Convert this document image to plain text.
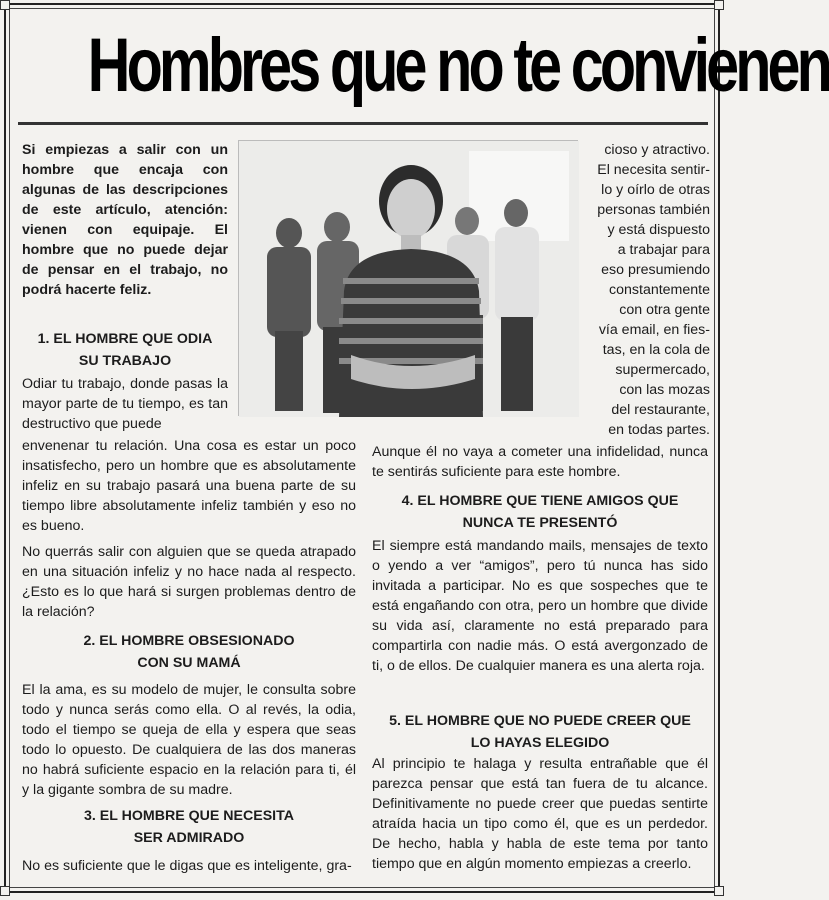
Hombres que no te convienen
Si empiezas a salir con un hombre que encaja con algunas de las descripciones de este artículo, atención: vienen con equipaje. El hombre que no puede dejar de pensar en el trabajo, no podrá hacerte feliz.
1. EL HOMBRE QUE ODIA
SU TRABAJO
Odiar tu trabajo, donde pasas la mayor parte de tu tiempo, es tan destructivo que puede

envenenar tu relación. Una cosa es estar un poco insatisfecho, pero un hombre que es absolutamente infeliz en su trabajo pasará una buena parte de su tiempo libre absolutamente infeliz también y eso no es bueno.

No querrás salir con alguien que se queda atrapado en una situación infeliz y no hace nada al respecto. ¿Esto es lo que hará si surgen problemas dentro de la relación?

2. EL HOMBRE OBSESIONADO
CON SU MAMÁ
El la ama, es su modelo de mujer, le consulta sobre todo y nunca serás como ella. O al revés, la odia, todo el tiempo se queja de ella y espera que seas todo lo opuesto. De cualquiera de las dos maneras no habrá suficiente espacio en la relación para ti, él y la gigante sombra de su madre.
3. EL HOMBRE QUE NECESITA
SER ADMIRADO
No es suficiente que le digas que es inteligente, gra-
cioso y atractivo.
El necesita sentir-
lo y oírlo de otras
personas también
y está dispuesto
a trabajar para
eso presumiendo
constantemente
con otra gente
vía email, en fies-
tas, en la cola de
supermercado,
con las mozas
del restaurante,
en todas partes.
Aunque él no vaya a cometer una infidelidad, nunca te sentirás suficiente para este hombre.
4. EL HOMBRE QUE TIENE AMIGOS QUE
NUNCA TE PRESENTÓ
El siempre está mandando mails, mensajes de texto o yendo a ver “amigos”, pero tú nunca has sido invitada a participar. No es que sospeches que te está engañando con otra, pero un hombre que divide su vida así, claramente no está preparado para compartirla con nadie más. O está avergonzado de ti, o de ellos. De cualquier manera es una alerta roja.
5. EL HOMBRE QUE NO PUEDE CREER QUE
LO HAYAS ELEGIDO
Al principio te halaga y resulta entrañable que él parezca pensar que está tan fuera de tu alcance. Definitivamente no puede creer que puedas sentirte atraída hacia un tipo como él, que es un perdedor. De hecho, habla y habla de este tema por tanto tiempo que en algún momento empiezas a creerlo.
